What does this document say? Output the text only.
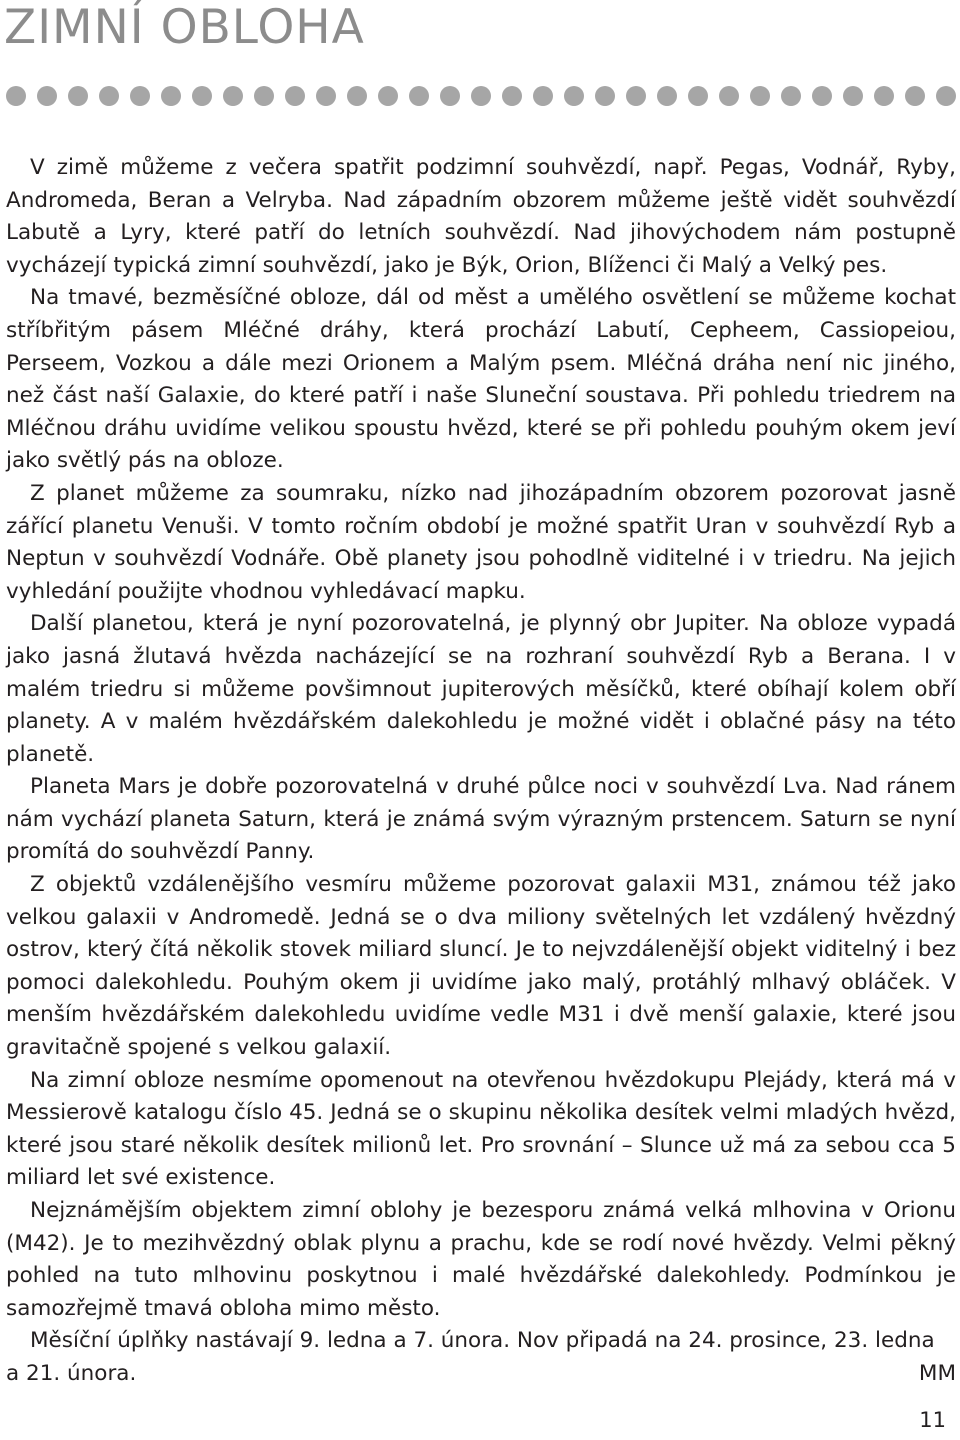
ZIMNÍ OBLOHA

V zimě můžeme z večera spatřit podzimní souhvězdí, např. Pegas, Vodnář, Ryby, Andromeda, Beran a Velryba. Nad západním obzorem můžeme ještě vidět souhvězdí Labutě a Lyry, které patří do letních souhvězdí. Nad jihovýchodem nám postupně vycházejí typická zimní souhvězdí, jako je Býk, Orion, Blíženci či Malý a Velký pes.

Na tmavé, bezměsíčné obloze, dál od měst a umělého osvětlení se můžeme kochat stříbřitým pásem Mléčné dráhy, která prochází Labutí, Cepheem, Cassiopeiou, Perseem, Vozkou a dále mezi Orionem a Malým psem. Mléčná dráha není nic jiného, než část naší Galaxie, do které patří i naše Sluneční soustava. Při pohledu triedrem na Mléčnou dráhu uvidíme velikou spoustu hvězd, které se při pohledu pouhým okem jeví jako světlý pás na obloze.

Z planet můžeme za soumraku, nízko nad jihozápadním obzorem pozorovat jasně zářící planetu Venuši. V tomto ročním období je možné spatřit Uran v souhvězdí Ryb a Neptun v souhvězdí Vodnáře. Obě planety jsou pohodlně viditelné i v triedru. Na jejich vyhledání použijte vhodnou vyhledávací mapku.

Další planetou, která je nyní pozorovatelná, je plynný obr Jupiter. Na obloze vypadá jako jasná žlutavá hvězda nacházející se na rozhraní souhvězdí Ryb a Berana. I v malém triedru si můžeme povšimnout jupiterových měsíčků, které obíhají kolem obří planety. A v malém hvězdářském dalekohledu je možné vidět i oblačné pásy na této planetě.

Planeta Mars je dobře pozorovatelná v druhé půlce noci v souhvězdí Lva. Nad ránem nám vychází planeta Saturn, která je známá svým výrazným prstencem. Saturn se nyní promítá do souhvězdí Panny.

Z objektů vzdálenějšího vesmíru můžeme pozorovat galaxii M31, známou též jako velkou galaxii v Andromedě. Jedná se o dva miliony světelných let vzdálený hvězdný ostrov, který čítá několik stovek miliard sluncí. Je to nejvzdálenější objekt viditelný i bez pomoci dalekohledu. Pouhým okem ji uvidíme jako malý, protáhlý mlhavý obláček. V menším hvězdářském dalekohledu uvidíme vedle M31 i dvě menší galaxie, které jsou gravitačně spojené s velkou galaxií.

Na zimní obloze nesmíme opomenout na otevřenou hvězdokupu Plejády, která má v Messierově katalogu číslo 45. Jedná se o skupinu několika desítek velmi mladých hvězd, které jsou staré několik desítek milionů let. Pro srovnání – Slunce už má za sebou cca 5 miliard let své existence.

Nejznámějším objektem zimní oblohy je bezesporu známá velká mlhovina v Orionu (M42). Je to mezihvězdný oblak plynu a prachu, kde se rodí nové hvězdy. Velmi pěkný pohled na tuto mlhovinu poskytnou i malé hvězdářské dalekohledy. Podmínkou je samozřejmě tmavá obloha mimo město.

Měsíční úplňky nastávají 9. ledna a 7. února. Nov připadá na 24. prosince, 23. ledna

a 21. února.	MM
11
